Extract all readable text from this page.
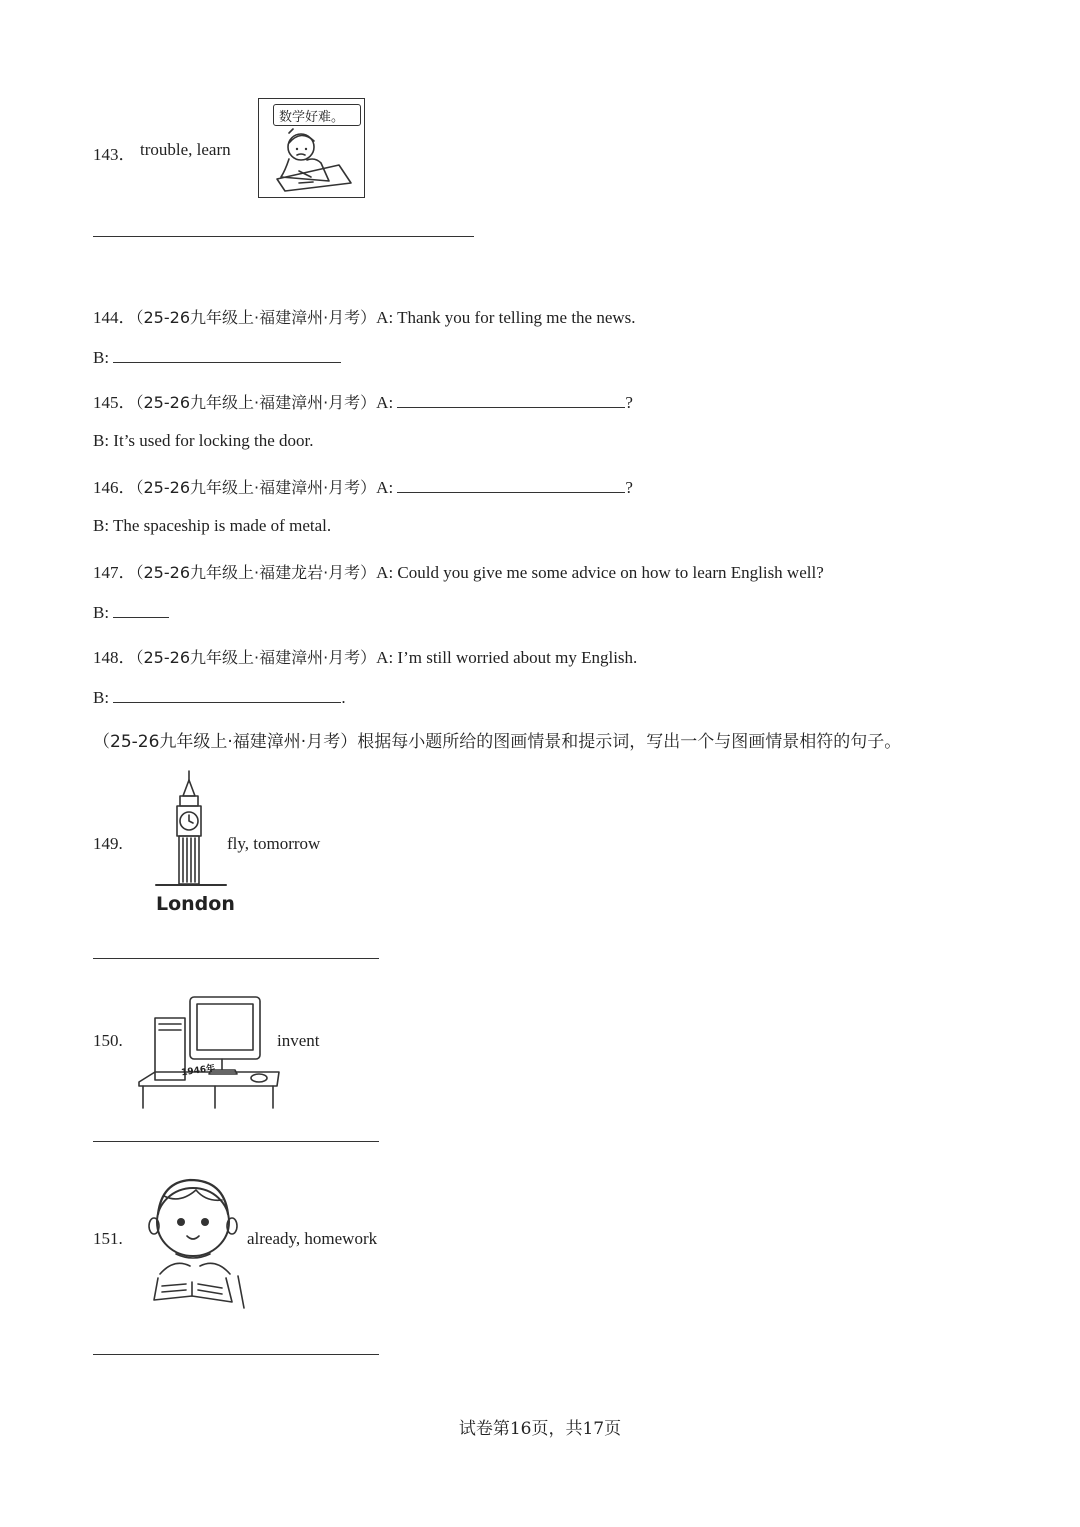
143． trouble, learn
数学好难。
144．（25-26九年级上·福建漳州·月考）A: Thank you for telling me the news.
B:
145．（25-26九年级上·福建漳州·月考）A:	?
B: It’s used for locking the door.
146．（25-26九年级上·福建漳州·月考）A:	?
B: The spaceship is made of metal.
147．（25-26九年级上·福建龙岩·月考）A: Could you give me some advice on how to learn English well?
B:
148．（25-26九年级上·福建漳州·月考）A: I’m still worried about my English.
B:	.
（25-26九年级上·福建漳州·月考）根据每小题所给的图画情景和提示词，写出一个与图画情景相符的句子。
149.
London
fly, tomorrow
150.
1946年
invent
151.	already, homework
试卷第16页，共17页
